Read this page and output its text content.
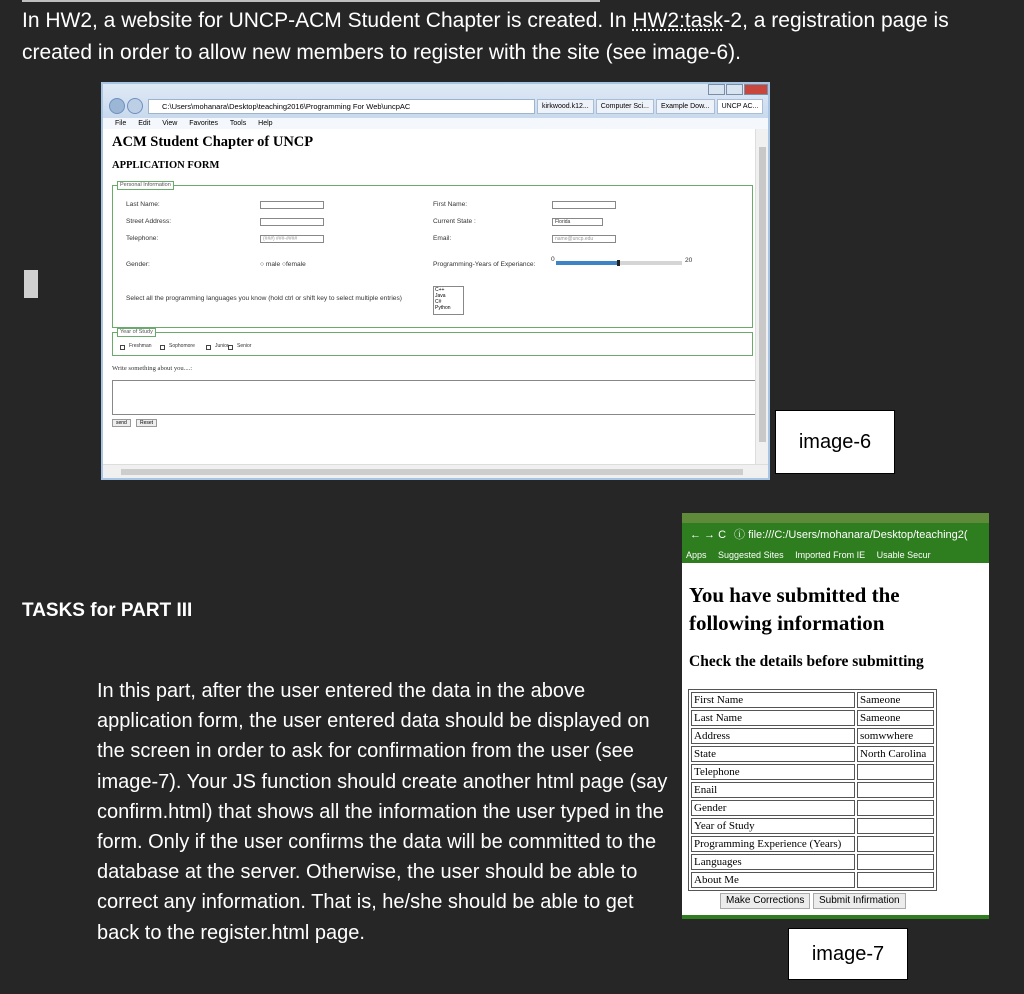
In HW2, a website for UNCP-ACM Student Chapter is created. In HW2:task-2, a registration page is created in order to allow new members to register with the site (see image-6).

C:\Users\mohanara\Desktop\teaching2016\Programming For Web\uncpAC	kirkwood.k12...	Computer Sci...	Example Dow...	UNCP AC...
File Edit View Favorites Tools Help
ACM Student Chapter of UNCP
APPLICATION FORM
Personal Information
Last Name:	First Name:
Street Address:	Current State :	Florida
Telephone:	(###) ###-####	Email:	name@uncp.edu
Gender:	○ male ○female	Programming-Years of Experiance:
0	20
Select all the programming languages you know (hold ctrl or shift key to select multiple entries)
C++
Java
C#
Python
Year of Study
Freshman	Sophomore	Junior Senior
Write something about you....:
send	Reset
image-6
TASKS for PART III

In this part, after the user entered the data in the above application form, the user entered data should be displayed on the screen in order to ask for confirmation from the user (see image-7). Your JS function should create another html page (say confirm.html) that shows all the information the user typed in the form. Only if the user confirms the data will be committed to the database at the server. Otherwise, the user should be able to correct any information. That is, he/she should be able to get back to the register.html page.

← → C ⓘ file:///C:/Users/mohanara/Desktop/teaching2(
Apps Suggested Sites Imported From IE Usable Secur
You have submitted the following information
Check the details before submitting
First Name	Sameone
Last Name	Sameone
Address	somwwhere
State	North Carolina
Telephone	
Enail	
Gender	
Year of Study	
Programming Experience (Years)	
Languages	
About Me	
Make Corrections	Submit Infirmation
image-7
